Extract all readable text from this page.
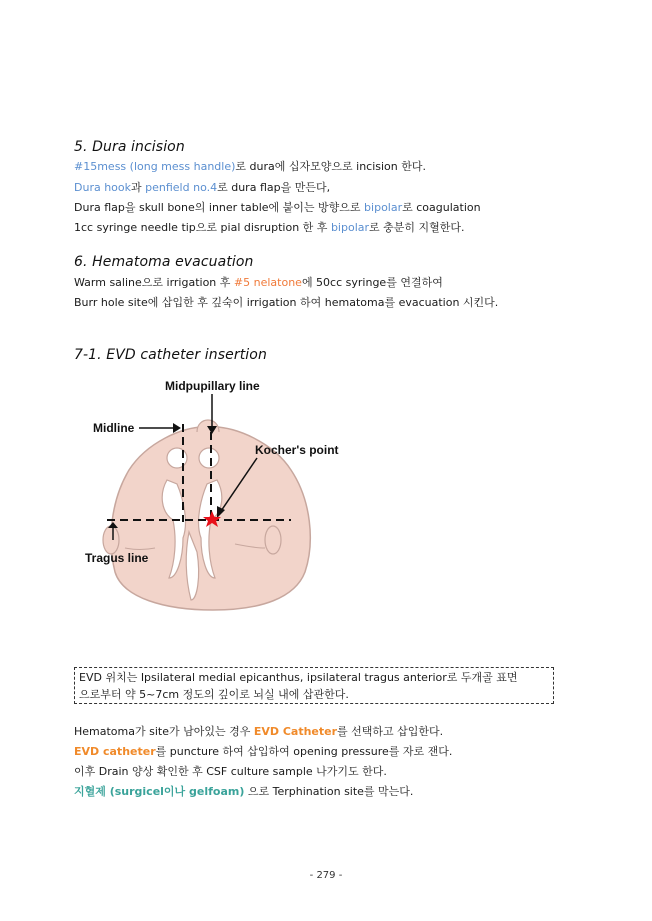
5. Dura incision
#15mess (long mess handle)로 dura에 십자모양으로 incision 한다.
Dura hook과 penfield no.4로 dura flap을 만든다,
Dura flap을 skull bone의 inner table에 붙이는 방향으로 bipolar로 coagulation
1cc syringe needle tip으로 pial disruption 한 후 bipolar로 충분히 지혈한다.
6. Hematoma evacuation
Warm saline으로 irrigation 후 #5 nelatone에 50cc syringe를 연결하여
Burr hole site에 삽입한 후 깊숙이 irrigation 하여 hematoma를 evacuation 시킨다.
7-1. EVD catheter insertion
Midpupillary line
Midline
Kocher's point
Tragus line
EVD 위치는 Ipsilateral medial epicanthus, ipsilateral tragus anterior로 두개골 표면
으로부터 약 5~7cm 정도의 깊이로 뇌실 내에 삽관한다.
Hematoma가 site가 남아있는 경우 EVD Catheter를 선택하고 삽입한다.
EVD catheter를 puncture 하여 삽입하여 opening pressure를 자로 잰다.
이후 Drain 양상 확인한 후 CSF culture sample 나가기도 한다.
지혈제 (surgicel이나 gelfoam) 으로 Terphination site를 막는다.
- 279 -
